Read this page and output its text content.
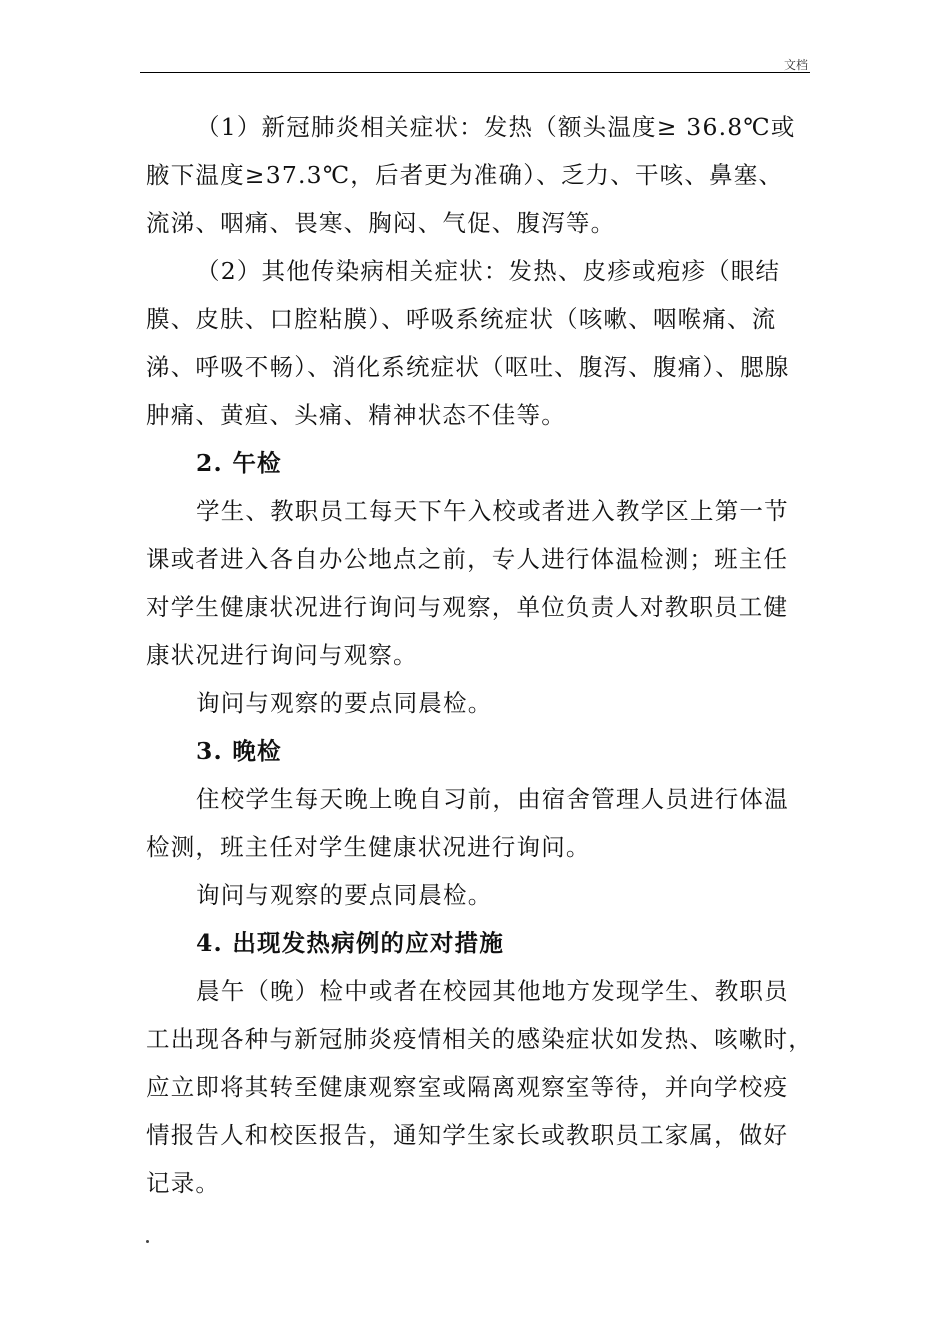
文档
（1）新冠肺炎相关症状：发热（额头温度≥ 36.8℃或
腋下温度≥37.3℃，后者更为准确）、乏力、干咳、鼻塞、
流涕、咽痛、畏寒、胸闷、气促、腹泻等。
（2）其他传染病相关症状：发热、皮疹或疱疹（眼结
膜、皮肤、口腔粘膜）、呼吸系统症状（咳嗽、咽喉痛、流
涕、呼吸不畅）、消化系统症状（呕吐、腹泻、腹痛）、腮腺
肿痛、黄疸、头痛、精神状态不佳等。
2. 午检
学生、教职员工每天下午入校或者进入教学区上第一节
课或者进入各自办公地点之前，专人进行体温检测；班主任
对学生健康状况进行询问与观察，单位负责人对教职员工健
康状况进行询问与观察。
询问与观察的要点同晨检。
3. 晚检
住校学生每天晚上晚自习前，由宿舍管理人员进行体温
检测，班主任对学生健康状况进行询问。
询问与观察的要点同晨检。
4. 出现发热病例的应对措施
晨午（晚）检中或者在校园其他地方发现学生、教职员
工出现各种与新冠肺炎疫情相关的感染症状如发热、咳嗽时，
应立即将其转至健康观察室或隔离观察室等待，并向学校疫
情报告人和校医报告，通知学生家长或教职员工家属，做好
记录。
